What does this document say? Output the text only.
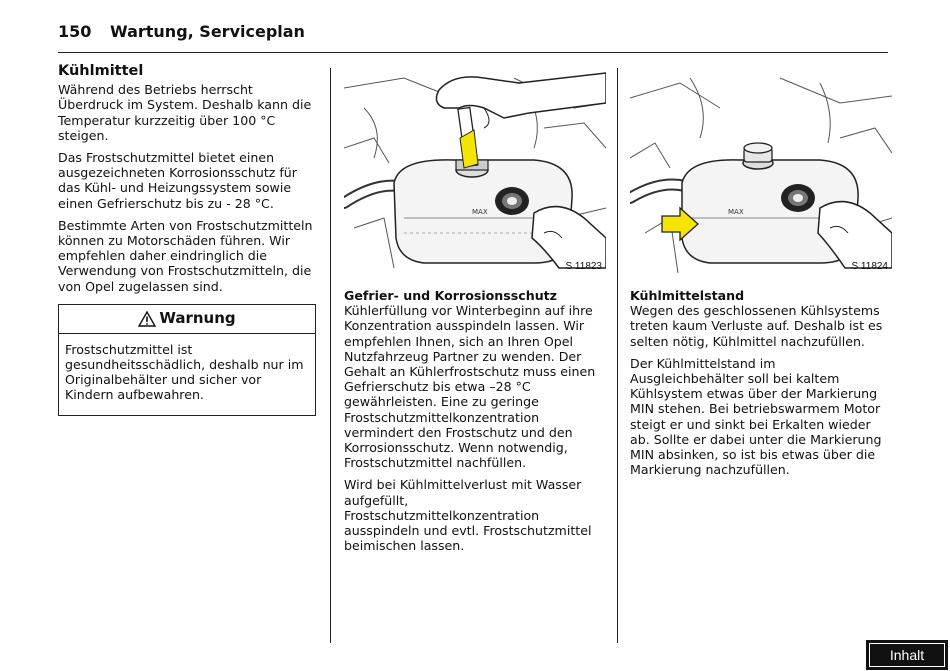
150 Wartung, Serviceplan
Kühlmittel

Während des Betriebs herrscht Überdruck im System. Deshalb kann die Temperatur kurzzeitig über 100 °C steigen.

Das Frostschutzmittel bietet einen ausgezeichneten Korrosionsschutz für das Kühl- und Heizungssystem sowie einen Gefrierschutz bis zu - 28 °C.

Bestimmte Arten von Frostschutzmitteln können zu Motorschäden führen. Wir empfehlen daher eindringlich die Verwendung von Frostschutzmitteln, die von Opel zugelassen sind.

Warnung
Frostschutzmittel ist gesundheitsschädlich, deshalb nur im Originalbehälter und sicher vor Kindern aufbewahren.
MAX
S 11823
Gefrier- und Korrosionsschutz

Kühlerfüllung vor Winterbeginn auf ihre Konzentration ausspindeln lassen. Wir empfehlen Ihnen, sich an Ihren Opel Nutzfahrzeug Partner zu wenden. Der Gehalt an Kühlerfrostschutz muss einen Gefrierschutz bis etwa –28 °C gewährleisten. Eine zu geringe Frostschutzmittelkonzentration vermindert den Frostschutz und den Korrosionsschutz. Wenn notwendig, Frostschutzmittel nachfüllen.

Wird bei Kühlmittelverlust mit Wasser aufgefüllt, Frostschutzmittelkonzentration ausspindeln und evtl. Frostschutzmittel beimischen lassen.

MAX
S 11824
Kühlmittelstand

Wegen des geschlossenen Kühlsystems treten kaum Verluste auf. Deshalb ist es selten nötig, Kühlmittel nachzufüllen.

Der Kühlmittelstand im Ausgleichbehälter soll bei kaltem Kühlsystem etwas über der Markierung MIN stehen. Bei betriebswarmem Motor steigt er und sinkt bei Erkalten wieder ab. Sollte er dabei unter die Markierung MIN absinken, so ist bis etwas über die Markierung nachzufüllen.

Inhalt
